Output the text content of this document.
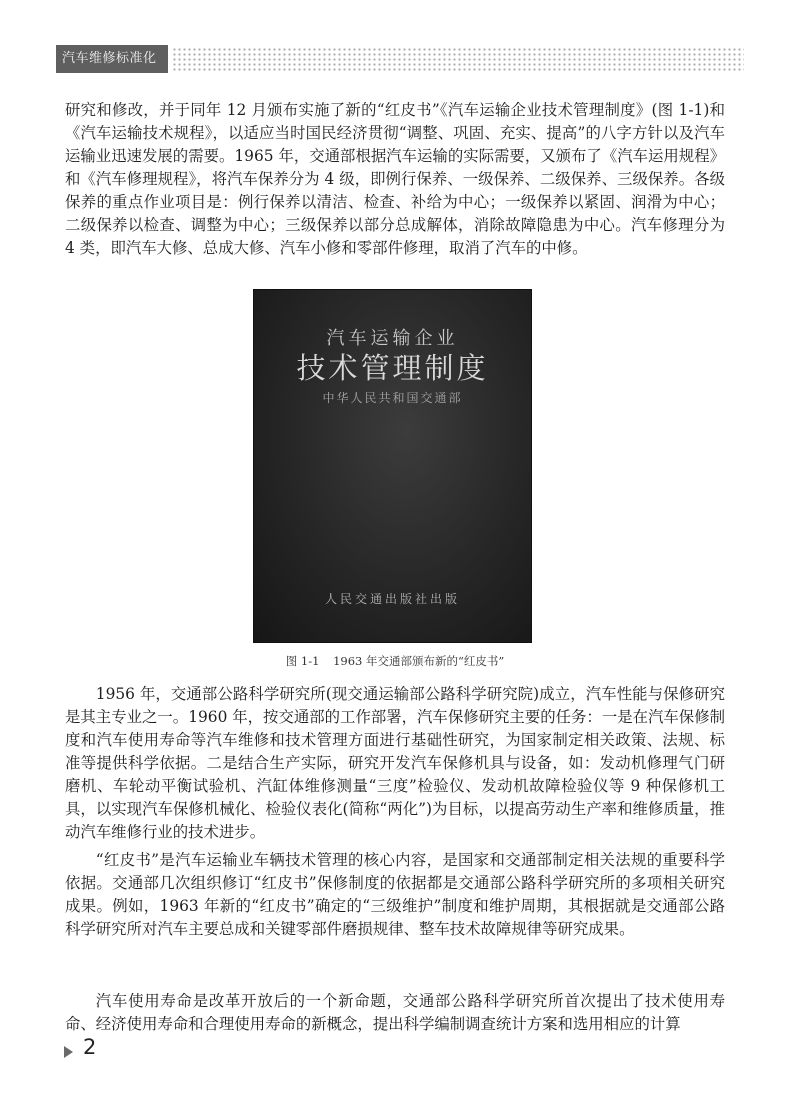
汽车维修标准化

研究和修改，并于同年 12 月颁布实施了新的“红皮书”《汽车运输企业技术管理制度》(图 1-1)和《汽车运输技术规程》，以适应当时国民经济贯彻“调整、巩固、充实、提高”的八字方针以及汽车运输业迅速发展的需要。1965 年，交通部根据汽车运输的实际需要，又颁布了《汽车运用规程》和《汽车修理规程》，将汽车保养分为 4 级，即例行保养、一级保养、二级保养、三级保养。各级保养的重点作业项目是：例行保养以清洁、检查、补给为中心；一级保养以紧固、润滑为中心；二级保养以检查、调整为中心；三级保养以部分总成解体，消除故障隐患为中心。汽车修理分为 4 类，即汽车大修、总成大修、汽车小修和零部件修理，取消了汽车的中修。

汽车运输企业
技术管理制度
中华人民共和国交通部
人民交通出版社出版
图 1-1 1963 年交通部颁布新的“红皮书”

1956 年，交通部公路科学研究所(现交通运输部公路科学研究院)成立，汽车性能与保修研究是其主专业之一。1960 年，按交通部的工作部署，汽车保修研究主要的任务：一是在汽车保修制度和汽车使用寿命等汽车维修和技术管理方面进行基础性研究，为国家制定相关政策、法规、标准等提供科学依据。二是结合生产实际，研究开发汽车保修机具与设备，如：发动机修理气门研磨机、车轮动平衡试验机、汽缸体维修测量“三度”检验仪、发动机故障检验仪等 9 种保修机工具，以实现汽车保修机械化、检验仪表化(简称“两化”)为目标，以提高劳动生产率和维修质量，推动汽车维修行业的技术进步。

“红皮书”是汽车运输业车辆技术管理的核心内容，是国家和交通部制定相关法规的重要科学依据。交通部几次组织修订“红皮书”保修制度的依据都是交通部公路科学研究所的多项相关研究成果。例如，1963 年新的“红皮书”确定的“三级维护”制度和维护周期，其根据就是交通部公路科学研究所对汽车主要总成和关键零部件磨损规律、整车技术故障规律等研究成果。

汽车使用寿命是改革开放后的一个新命题，交通部公路科学研究所首次提出了技术使用寿命、经济使用寿命和合理使用寿命的新概念，提出科学编制调查统计方案和选用相应的计算

2
